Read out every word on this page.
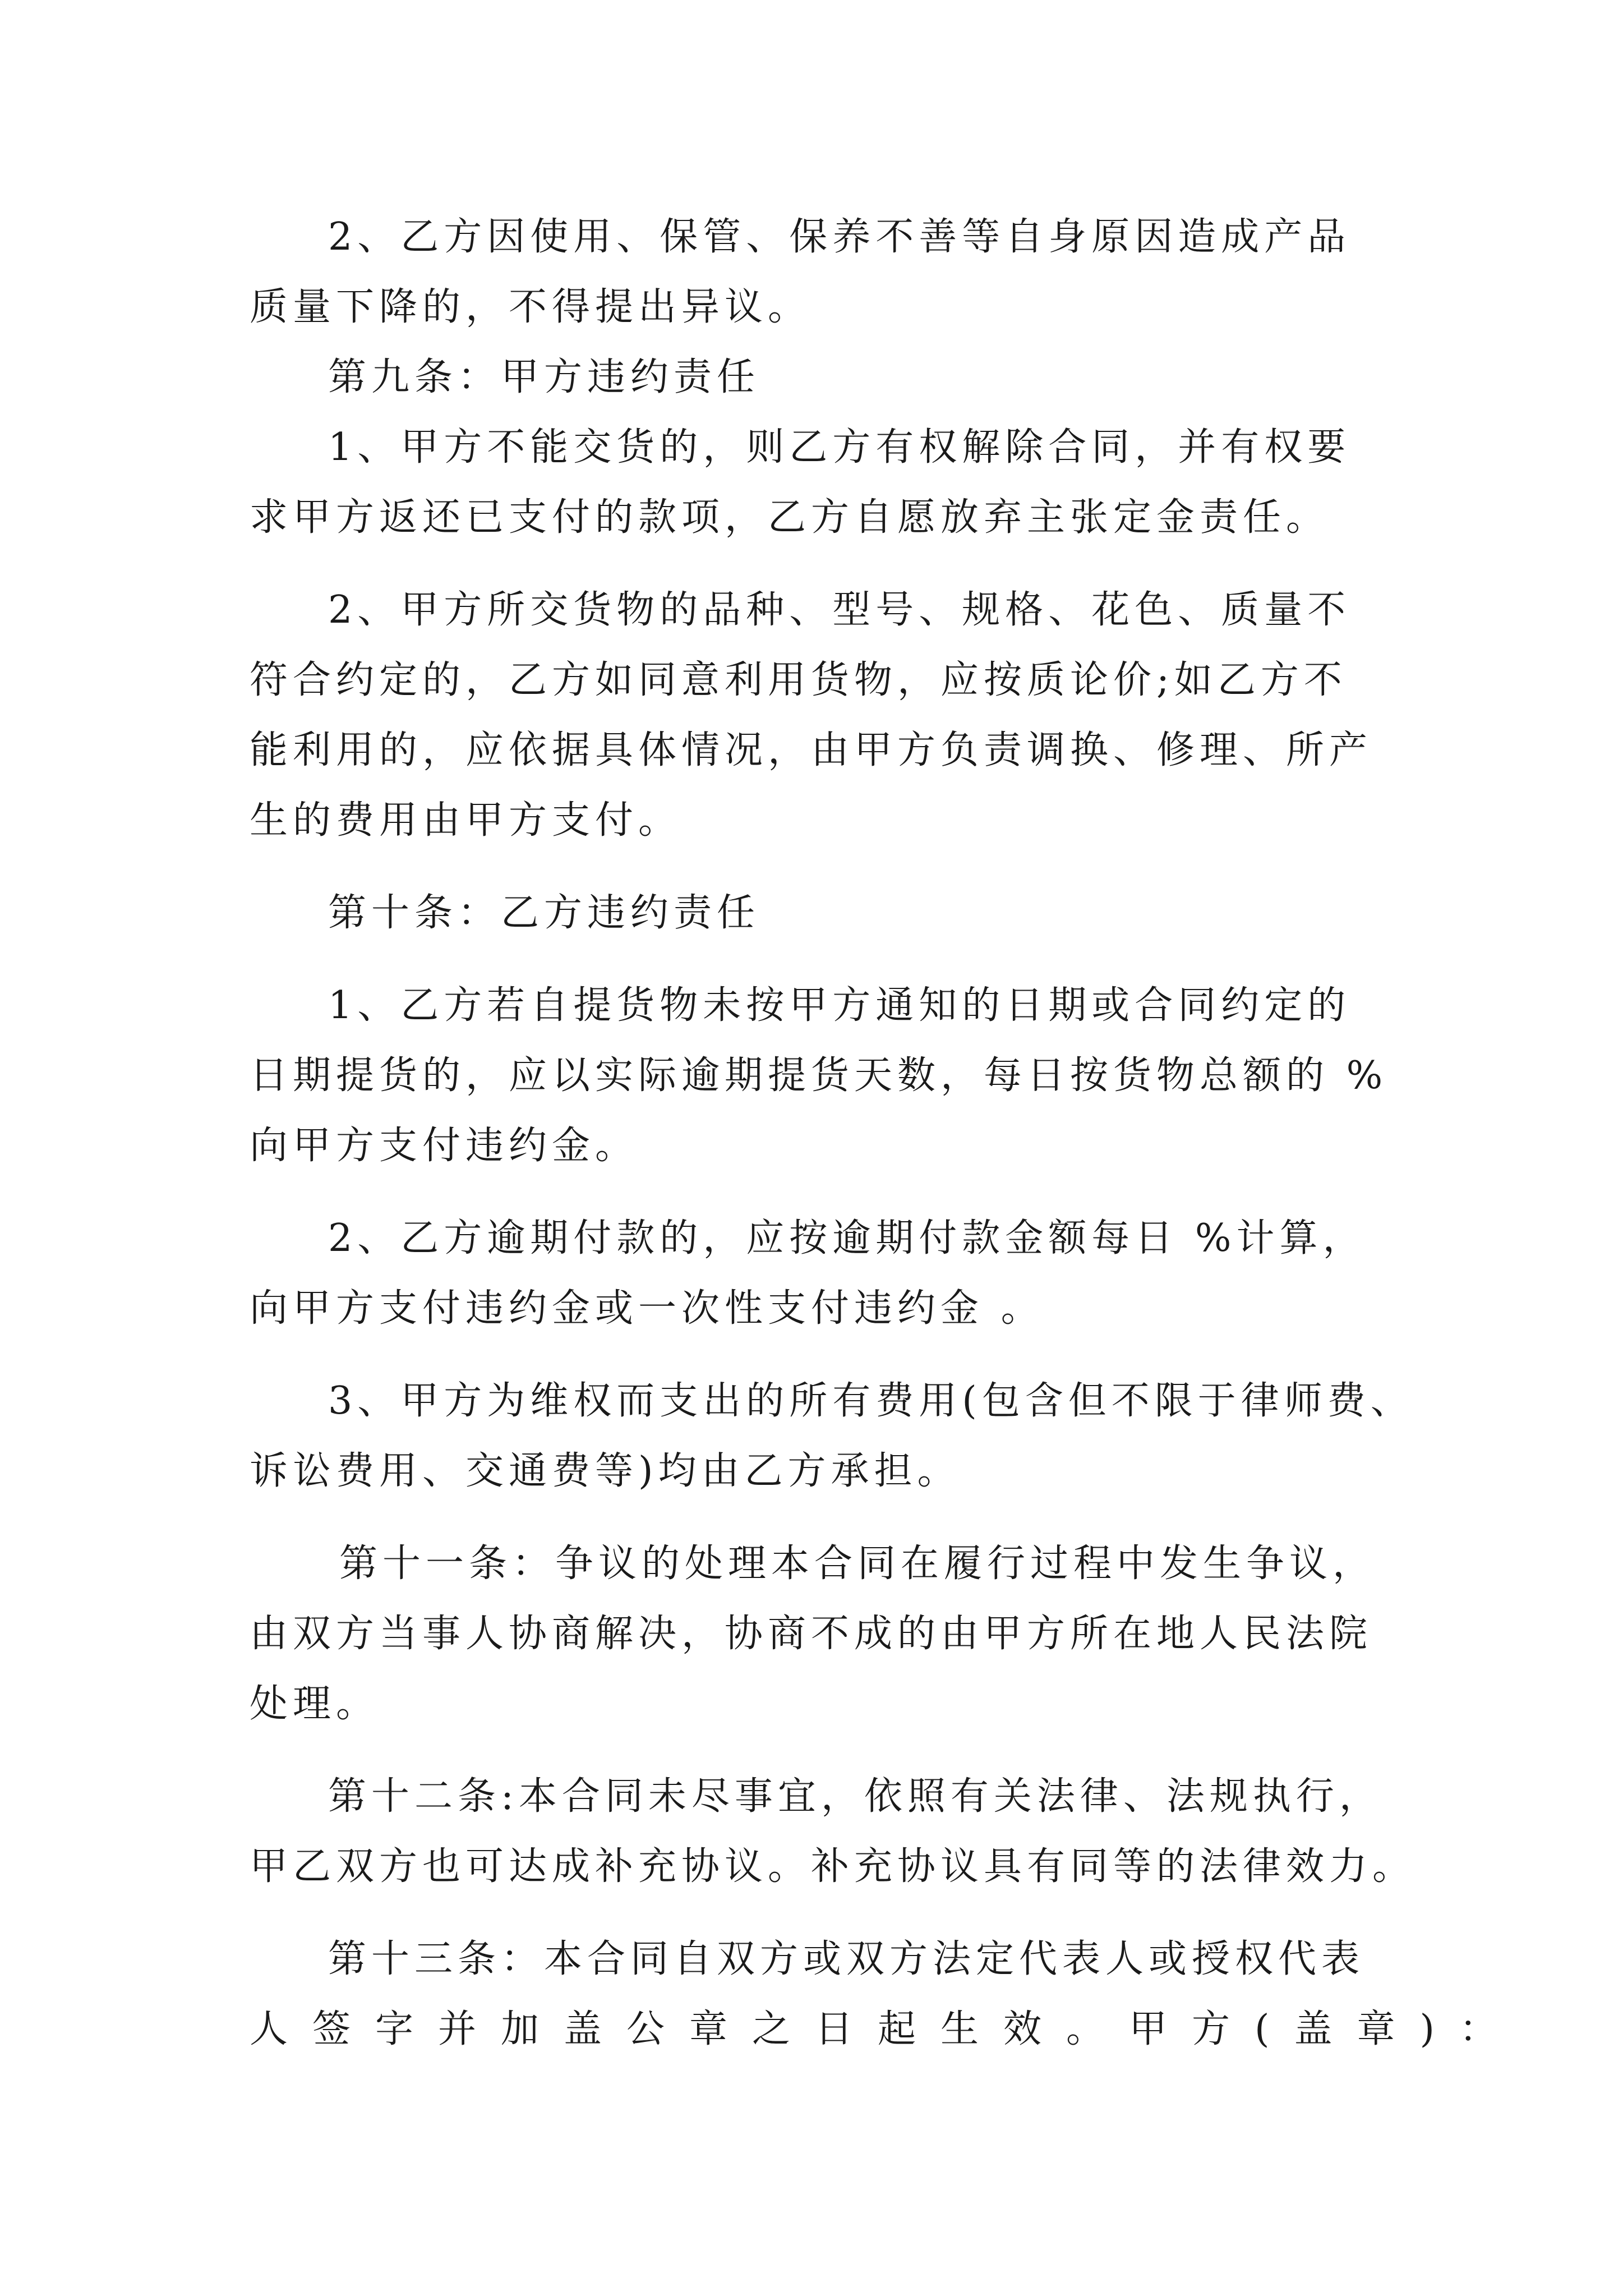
2、乙方因使用、保管、保养不善等自身原因造成产品

质量下降的，不得提出异议。

第九条：甲方违约责任

1、甲方不能交货的，则乙方有权解除合同，并有权要

求甲方返还已支付的款项，乙方自愿放弃主张定金责任。

2、甲方所交货物的品种、型号、规格、花色、质量不

符合约定的，乙方如同意利用货物，应按质论价;如乙方不

能利用的，应依据具体情况，由甲方负责调换、修理、所产

生的费用由甲方支付。

第十条：乙方违约责任

1、乙方若自提货物未按甲方通知的日期或合同约定的

日期提货的，应以实际逾期提货天数，每日按货物总额的 %

向甲方支付违约金。

2、乙方逾期付款的，应按逾期付款金额每日 %计算，

向甲方支付违约金或一次性支付违约金 。

3、甲方为维权而支出的所有费用(包含但不限于律师费、

诉讼费用、交通费等)均由乙方承担。

第十一条：争议的处理本合同在履行过程中发生争议，

由双方当事人协商解决，协商不成的由甲方所在地人民法院

处理。

第十二条:本合同未尽事宜，依照有关法律、法规执行，

甲乙双方也可达成补充协议。补充协议具有同等的法律效力。

第十三条：本合同自双方或双方法定代表人或授权代表

人签字并加盖公章之日起生效。甲方(盖章)：
